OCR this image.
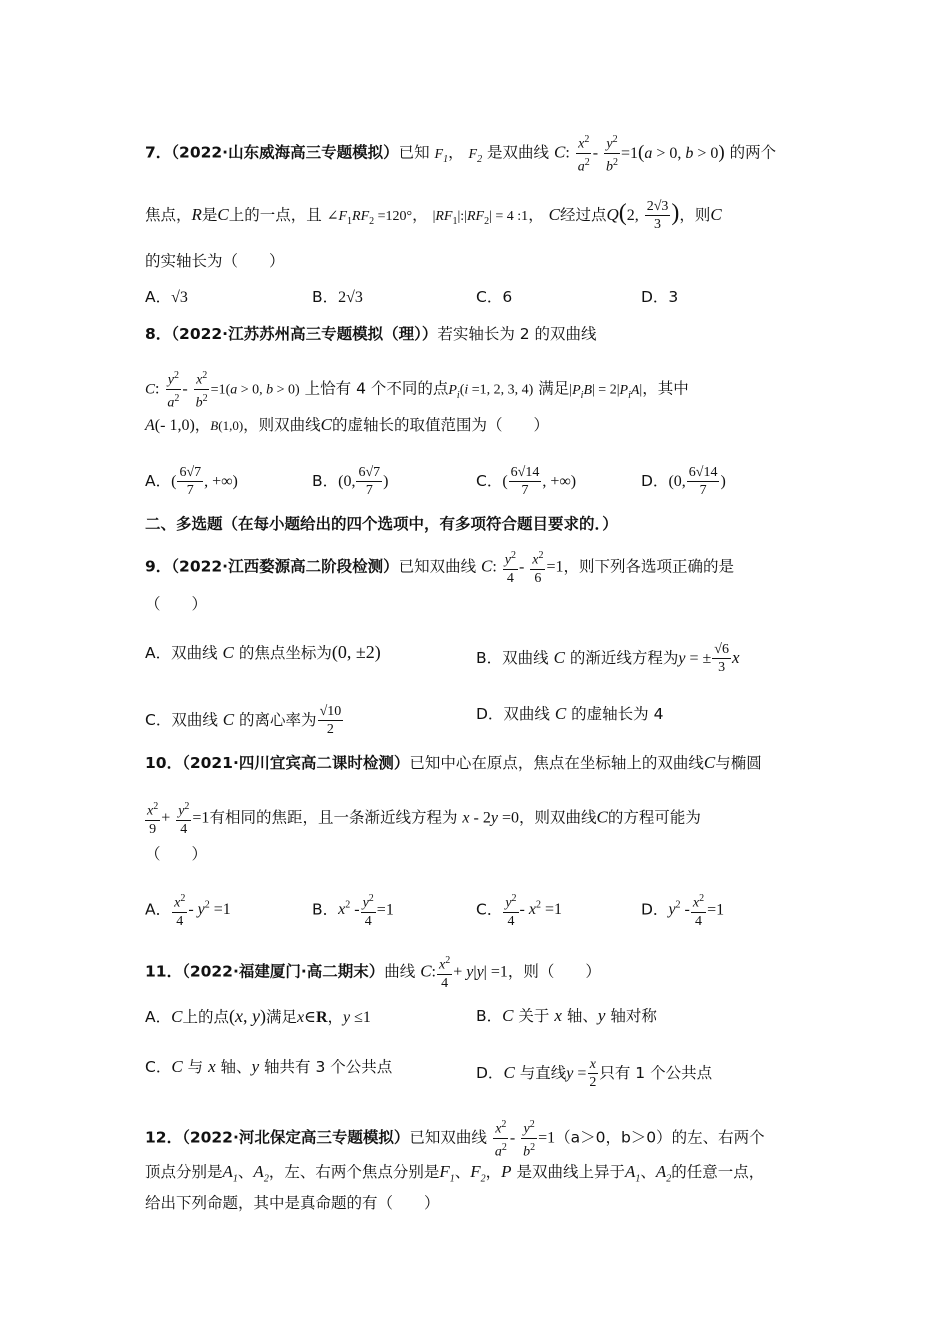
7．（2022·山东威海高三专题模拟）已知 $F_1$， $F_2$ 是双曲线 C: $\frac{x^2}{a^2} - \frac{y^2}{b^2} =1(a > 0$, b > 0) 的两个
焦点，R是C上的一点，且 $\angle F_1RF_2 =120^\circ$， $|RF_1|:|RF_2| = 4$ :1， C经过点Q(2, $\frac{2√3}{3}$ )，则C
的实轴长为（　　）
A．√3	B．2√3	C．6	D．3
8．（2022·江苏苏州高三专题模拟（理））若实轴长为 2 的双曲线
C: $\frac{y^2}{a^2} - \frac{x^2}{b^2} =1(a > 0$, b > 0) 上恰有 4 个不同的点$P_i(i =1$, 2, 3, 4) 满足$|P_iB| = 2|P_iA|$，其中
A(- 1,0)，B(1,0)，则双曲线C的虚轴长的取值范围为（　　）
A．( $\frac{6√7}{7}$ , +∞)	B．(0, $\frac{6√7}{7}$ )	C．( $\frac{6√14}{7}$ , +∞)	D．(0, $\frac{6√14}{7}$ )
二、多选题（在每小题给出的四个选项中，有多项符合题目要求的．）
9．（2022·江西婺源高二阶段检测）已知双曲线 C: $\frac{y^2}{4} - \frac{x^2}{6} =1$，则下列各选项正确的是
（　　）
A．双曲线 C 的焦点坐标为(0, ±2)	B．双曲线 C 的渐近线方程为y = ± $\frac{√6}{3}$ x
C．双曲线 C 的离心率为 $\frac{√10}{2}$	D．双曲线 C 的虚轴长为 4
10．（2021·四川宜宾高二课时检测）已知中心在原点，焦点在坐标轴上的双曲线C与椭圆
$\frac{x^2}{9} + \frac{y^2}{4} =1$有相同的焦距，且一条渐近线方程为 x - 2y =0，则双曲线C的方程可能为
（　　）
A． $\frac{x^2}{4} - y^2 =1$	B．$x^2 - \frac{y^2}{4} =1$	C． $\frac{y^2}{4} - x^2 =1$	D．$y^2 - \frac{x^2}{4} =1$
11．（2022·福建厦门·高二期末）曲线 C: $\frac{x^2}{4} + y|y| =1$，则（　　）
A．C上的点(x, y)满足x∈R，y ≤1	B．C 关于 x 轴、y 轴对称
C．C 与 x 轴、y 轴共有 3 个公共点	D．C 与直线$y = \frac{x}{2}$ 只有 1 个公共点
12．（2022·河北保定高三专题模拟）已知双曲线 $\frac{x^2}{a^2} - \frac{y^2}{b^2} =1(a>0$，b＞0）的左、右两个
顶点分别是$A_1$、$A_2$，左、右两个焦点分别是$F_1$、$F_2$，P 是双曲线上异于$A_1$、$A_2$的任意一点，
给出下列命题，其中是真命题的有（　　）
